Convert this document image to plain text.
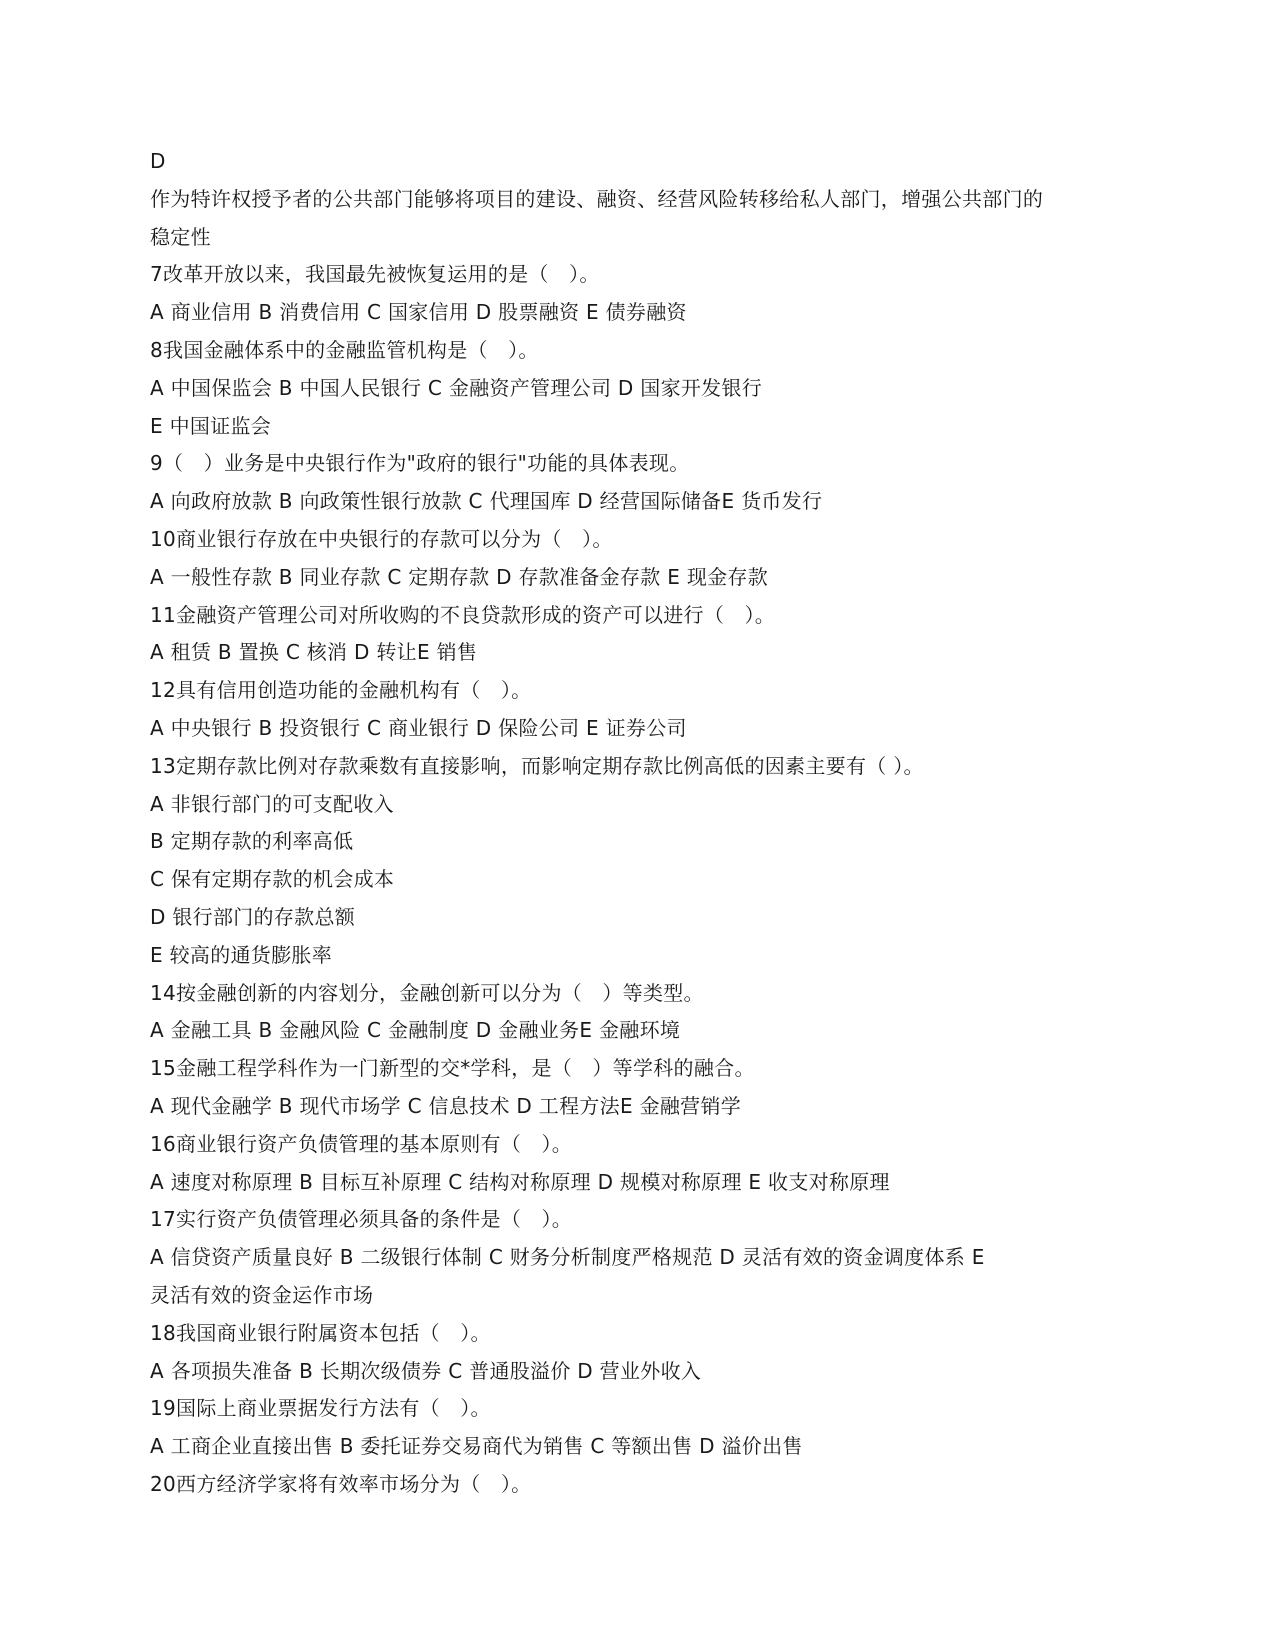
D
作为特许权授予者的公共部门能够将项目的建设、融资、经营风险转移给私人部门，增强公共部门的
稳定性
7改革开放以来，我国最先被恢复运用的是（　）。
A 商业信用 B 消费信用 C 国家信用 D 股票融资 E 债券融资
8我国金融体系中的金融监管机构是（　）。
A 中国保监会 B 中国人民银行 C 金融资产管理公司 D 国家开发银行
E 中国证监会
9（　）业务是中央银行作为"政府的银行"功能的具体表现。
A 向政府放款 B 向政策性银行放款 C 代理国库 D 经营国际储备E 货币发行
10商业银行存放在中央银行的存款可以分为（　）。
A 一般性存款 B 同业存款 C 定期存款 D 存款准备金存款 E 现金存款
11金融资产管理公司对所收购的不良贷款形成的资产可以进行（　）。
A 租赁 B 置换 C 核消 D 转让E 销售
12具有信用创造功能的金融机构有（　）。
A 中央银行 B 投资银行 C 商业银行 D 保险公司 E 证券公司
13定期存款比例对存款乘数有直接影响，而影响定期存款比例高低的因素主要有（ ）。
A 非银行部门的可支配收入
B 定期存款的利率高低
C 保有定期存款的机会成本
D 银行部门的存款总额
E 较高的通货膨胀率
14按金融创新的内容划分，金融创新可以分为（　）等类型。
A 金融工具 B 金融风险 C 金融制度 D 金融业务E 金融环境
15金融工程学科作为一门新型的交*学科，是（　）等学科的融合。
A 现代金融学 B 现代市场学 C 信息技术 D 工程方法E 金融营销学
16商业银行资产负债管理的基本原则有（　）。
A 速度对称原理 B 目标互补原理 C 结构对称原理 D 规模对称原理 E 收支对称原理
17实行资产负债管理必须具备的条件是（　）。
A 信贷资产质量良好 B 二级银行体制 C 财务分析制度严格规范 D 灵活有效的资金调度体系 E
灵活有效的资金运作市场
18我国商业银行附属资本包括（　）。
A 各项损失准备 B 长期次级债券 C 普通股溢价 D 营业外收入
19国际上商业票据发行方法有（　）。
A 工商企业直接出售 B 委托证券交易商代为销售 C 等额出售 D 溢价出售
20西方经济学家将有效率市场分为（　）。
